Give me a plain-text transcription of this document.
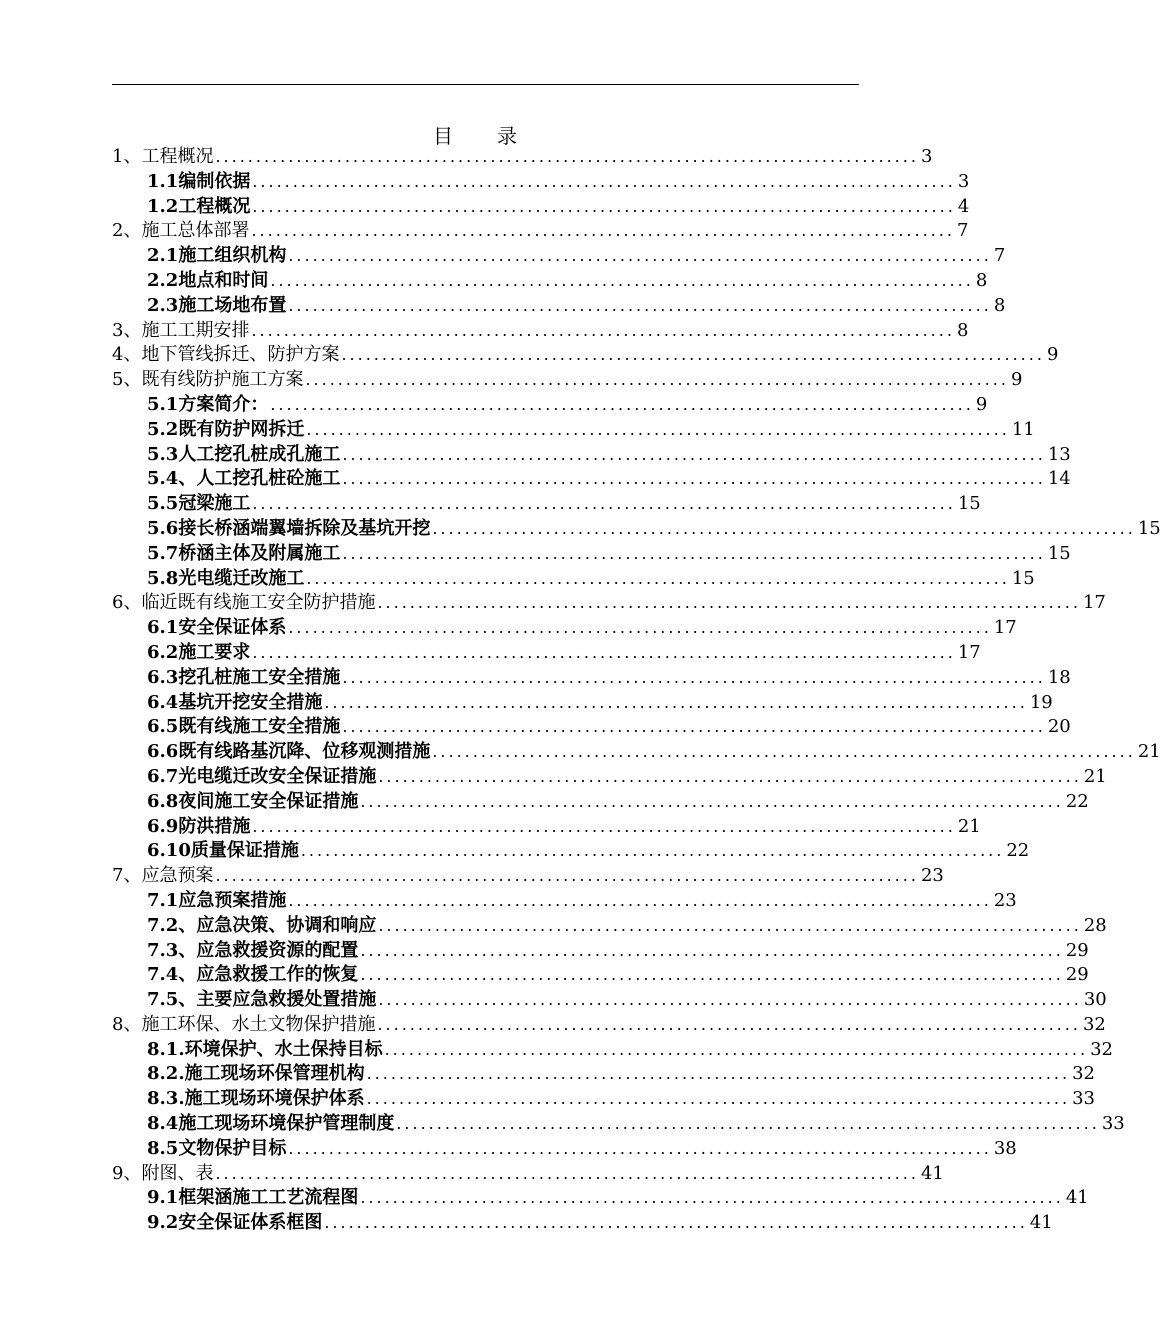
目 录
1、工程概况 ....................................................................................... 3
1.1编制依据 ....................................................................................... 3
1.2工程概况 ....................................................................................... 4
2、施工总体部署 ....................................................................................... 7
2.1施工组织机构 ....................................................................................... 7
2.2地点和时间 ....................................................................................... 8
2.3施工场地布置 ....................................................................................... 8
3、施工工期安排 ....................................................................................... 8
4、地下管线拆迁、防护方案 ....................................................................................... 9
5、既有线防护施工方案 ....................................................................................... 9
5.1方案简介： ....................................................................................... 9
5.2既有防护网拆迁 ....................................................................................... 11
5.3人工挖孔桩成孔施工 ....................................................................................... 13
5.4、人工挖孔桩砼施工 ....................................................................................... 14
5.5冠梁施工 ....................................................................................... 15
5.6接长桥涵端翼墙拆除及基坑开挖 ....................................................................................... 15
5.7桥涵主体及附属施工 ....................................................................................... 15
5.8光电缆迁改施工 ....................................................................................... 15
6、临近既有线施工安全防护措施 ....................................................................................... 17
6.1安全保证体系 ....................................................................................... 17
6.2施工要求 ....................................................................................... 17
6.3挖孔桩施工安全措施 ....................................................................................... 18
6.4基坑开挖安全措施 ....................................................................................... 19
6.5既有线施工安全措施 ....................................................................................... 20
6.6既有线路基沉降、位移观测措施 ....................................................................................... 21
6.7光电缆迁改安全保证措施 ....................................................................................... 21
6.8夜间施工安全保证措施 ....................................................................................... 22
6.9防洪措施 ....................................................................................... 21
6.10质量保证措施 ....................................................................................... 22
7、应急预案 ....................................................................................... 23
7.1应急预案措施 ....................................................................................... 23
7.2、应急决策、协调和响应 ....................................................................................... 28
7.3、应急救援资源的配置 ....................................................................................... 29
7.4、应急救援工作的恢复 ....................................................................................... 29
7.5、主要应急救援处置措施 ....................................................................................... 30
8、施工环保、水土文物保护措施 ....................................................................................... 32
8.1.环境保护、水土保持目标 ....................................................................................... 32
8.2.施工现场环保管理机构 ....................................................................................... 32
8.3.施工现场环境保护体系 ....................................................................................... 33
8.4施工现场环境保护管理制度 ....................................................................................... 33
8.5文物保护目标 ....................................................................................... 38
9、附图、表 ....................................................................................... 41
9.1框架涵施工工艺流程图 ....................................................................................... 41
9.2安全保证体系框图 ....................................................................................... 41
